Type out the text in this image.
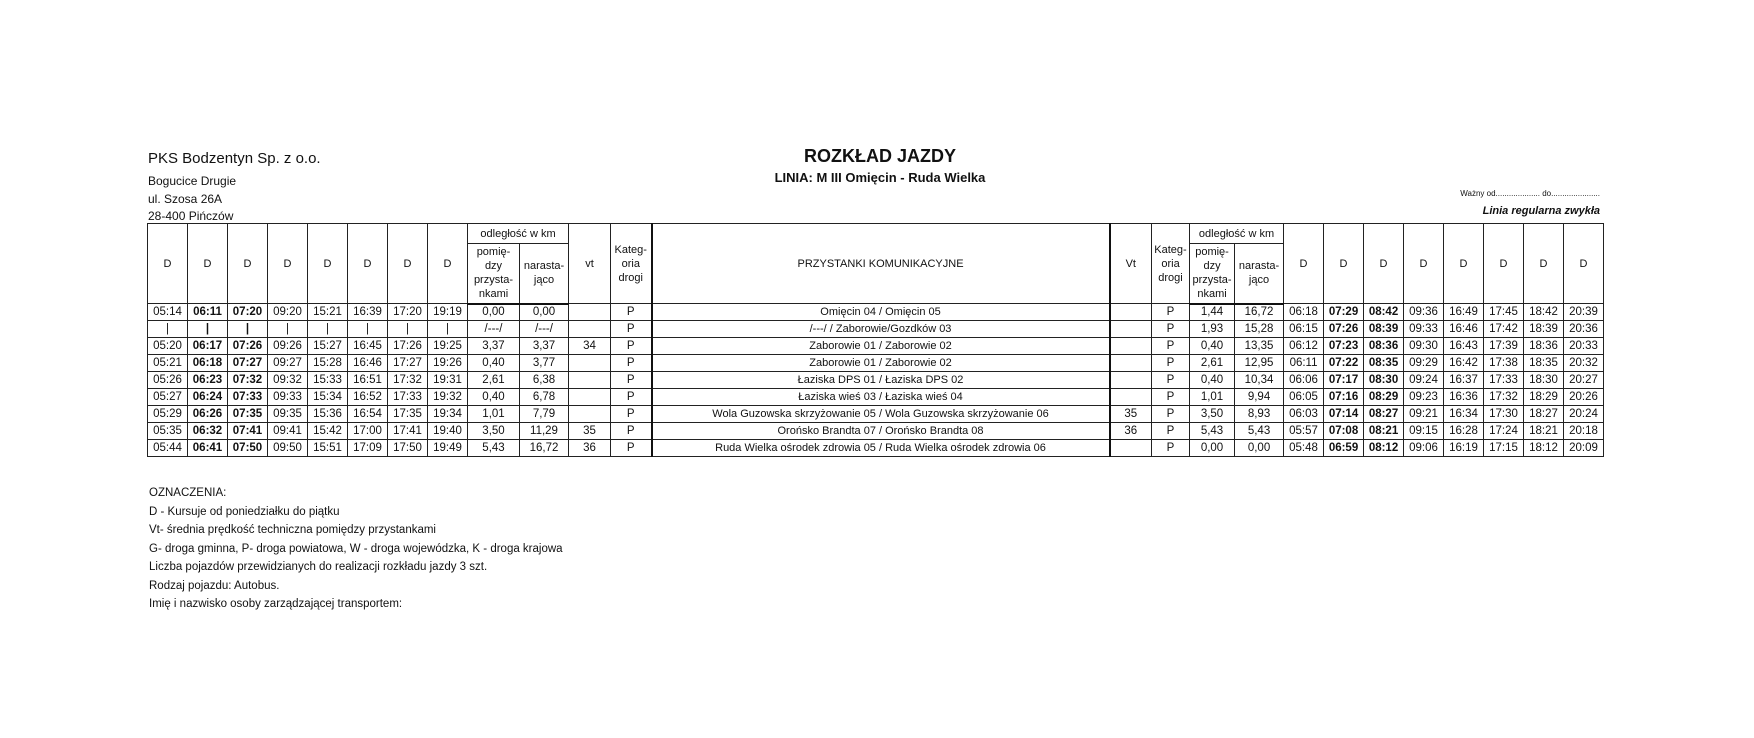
PKS Bodzentyn Sp. z o.o.
Bogucice Drugie
ul. Szosa 26A
28-400 Pińczów
ROZKŁAD JAZDY
LINIA: M III Omięcin - Ruda Wielka
Ważny od.................... do......................
Linia regularna zwykła
D	D	D	D	D	D	D	D	odległość w km		vt	Kateg- oria drogi	PRZYSTANKI KOMUNIKACYJNE	Vt	Kateg- oria drogi	odległość w km		D	D	D	D	D	D	D	D
								pomię- dzy przysta- nkami	narasta- jąco						pomię- dzy przysta- nkami	narasta- jąco								
05:14	06:11	07:20	09:20	15:21	16:39	17:20	19:19	0,00	0,00		P	Omięcin 04 / Omięcin 05		P	1,44	16,72	06:18	07:29	08:42	09:36	16:49	17:45	18:42	20:39
|	|	|	|	|	|	|	|	/---/	/---/		P	/---/ / Zaborowie/Gozdków 03		P	1,93	15,28	06:15	07:26	08:39	09:33	16:46	17:42	18:39	20:36
05:20	06:17	07:26	09:26	15:27	16:45	17:26	19:25	3,37	3,37	34	P	Zaborowie 01 / Zaborowie 02		P	0,40	13,35	06:12	07:23	08:36	09:30	16:43	17:39	18:36	20:33
05:21	06:18	07:27	09:27	15:28	16:46	17:27	19:26	0,40	3,77		P	Zaborowie 01 / Zaborowie 02		P	2,61	12,95	06:11	07:22	08:35	09:29	16:42	17:38	18:35	20:32
05:26	06:23	07:32	09:32	15:33	16:51	17:32	19:31	2,61	6,38		P	Łaziska DPS 01 / Łaziska DPS 02		P	0,40	10,34	06:06	07:17	08:30	09:24	16:37	17:33	18:30	20:27
05:27	06:24	07:33	09:33	15:34	16:52	17:33	19:32	0,40	6,78		P	Łaziska wieś 03 / Łaziska wieś 04		P	1,01	9,94	06:05	07:16	08:29	09:23	16:36	17:32	18:29	20:26
05:29	06:26	07:35	09:35	15:36	16:54	17:35	19:34	1,01	7,79		P	Wola Guzowska skrzyżowanie 05 / Wola Guzowska skrzyżowanie 06	35	P	3,50	8,93	06:03	07:14	08:27	09:21	16:34	17:30	18:27	20:24
05:35	06:32	07:41	09:41	15:42	17:00	17:41	19:40	3,50	11,29	35	P	Orońsko Brandta 07 / Orońsko Brandta 08	36	P	5,43	5,43	05:57	07:08	08:21	09:15	16:28	17:24	18:21	20:18
05:44	06:41	07:50	09:50	15:51	17:09	17:50	19:49	5,43	16,72	36	P	Ruda Wielka ośrodek zdrowia 05 / Ruda Wielka ośrodek zdrowia 06		P	0,00	0,00	05:48	06:59	08:12	09:06	16:19	17:15	18:12	20:09
OZNACZENIA:
D - Kursuje od poniedziałku do piątku
Vt- średnia prędkość techniczna pomiędzy przystankami
G- droga gminna, P- droga powiatowa, W - droga wojewódzka, K - droga krajowa
Liczba pojazdów przewidzianych do realizacji rozkładu jazdy 3 szt.
Rodzaj pojazdu: Autobus.
Imię i nazwisko osoby zarządzającej transportem:
